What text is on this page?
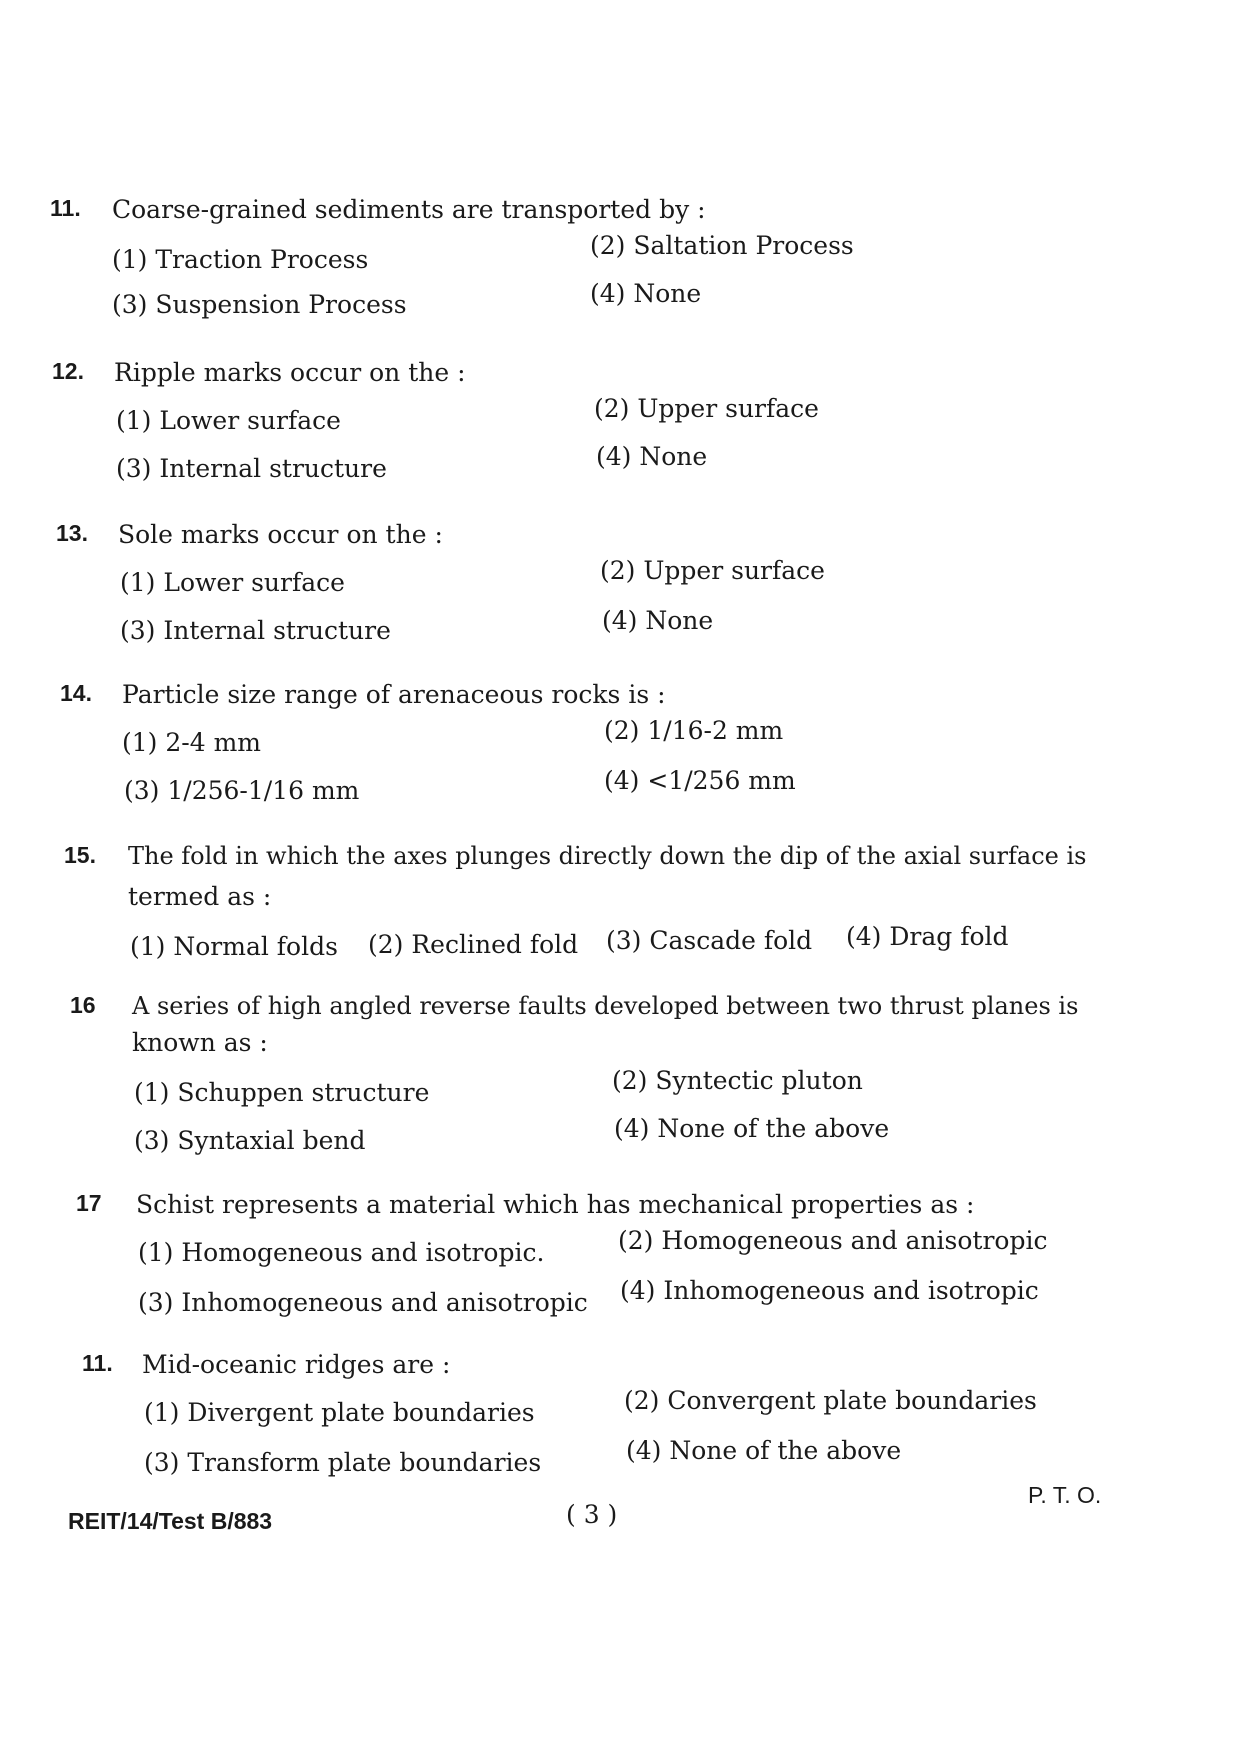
11. Coarse-grained sediments are transported by :
(1) Traction Process	(2) Saltation Process
(3) Suspension Process	(4) None
12. Ripple marks occur on the :
(1) Lower surface	(2) Upper surface
(3) Internal structure	(4) None
13. Sole marks occur on the :
(1) Lower surface	(2) Upper surface
(3) Internal structure	(4) None
14. Particle size range of arenaceous rocks is :
(1) 2-4 mm	(2) 1/16-2 mm
(3) 1/256-1/16 mm	(4) <1/256 mm
15. The fold in which the axes plunges directly down the dip of the axial surface is
termed as :
(1) Normal folds (2) Reclined fold (3) Cascade fold (4) Drag fold
16 A series of high angled reverse faults developed between two thrust planes is
known as :
(1) Schuppen structure	(2) Syntectic pluton
(3) Syntaxial bend	(4) None of the above
17 Schist represents a material which has mechanical properties as :
(1) Homogeneous and isotropic.	(2) Homogeneous and anisotropic
(3) Inhomogeneous and anisotropic (4) Inhomogeneous and isotropic
11. Mid-oceanic ridges are :
(1) Divergent plate boundaries	(2) Convergent plate boundaries
(3) Transform plate boundaries	(4) None of the above
REIT/14/Test B/883	( 3 )
P. T. O.
